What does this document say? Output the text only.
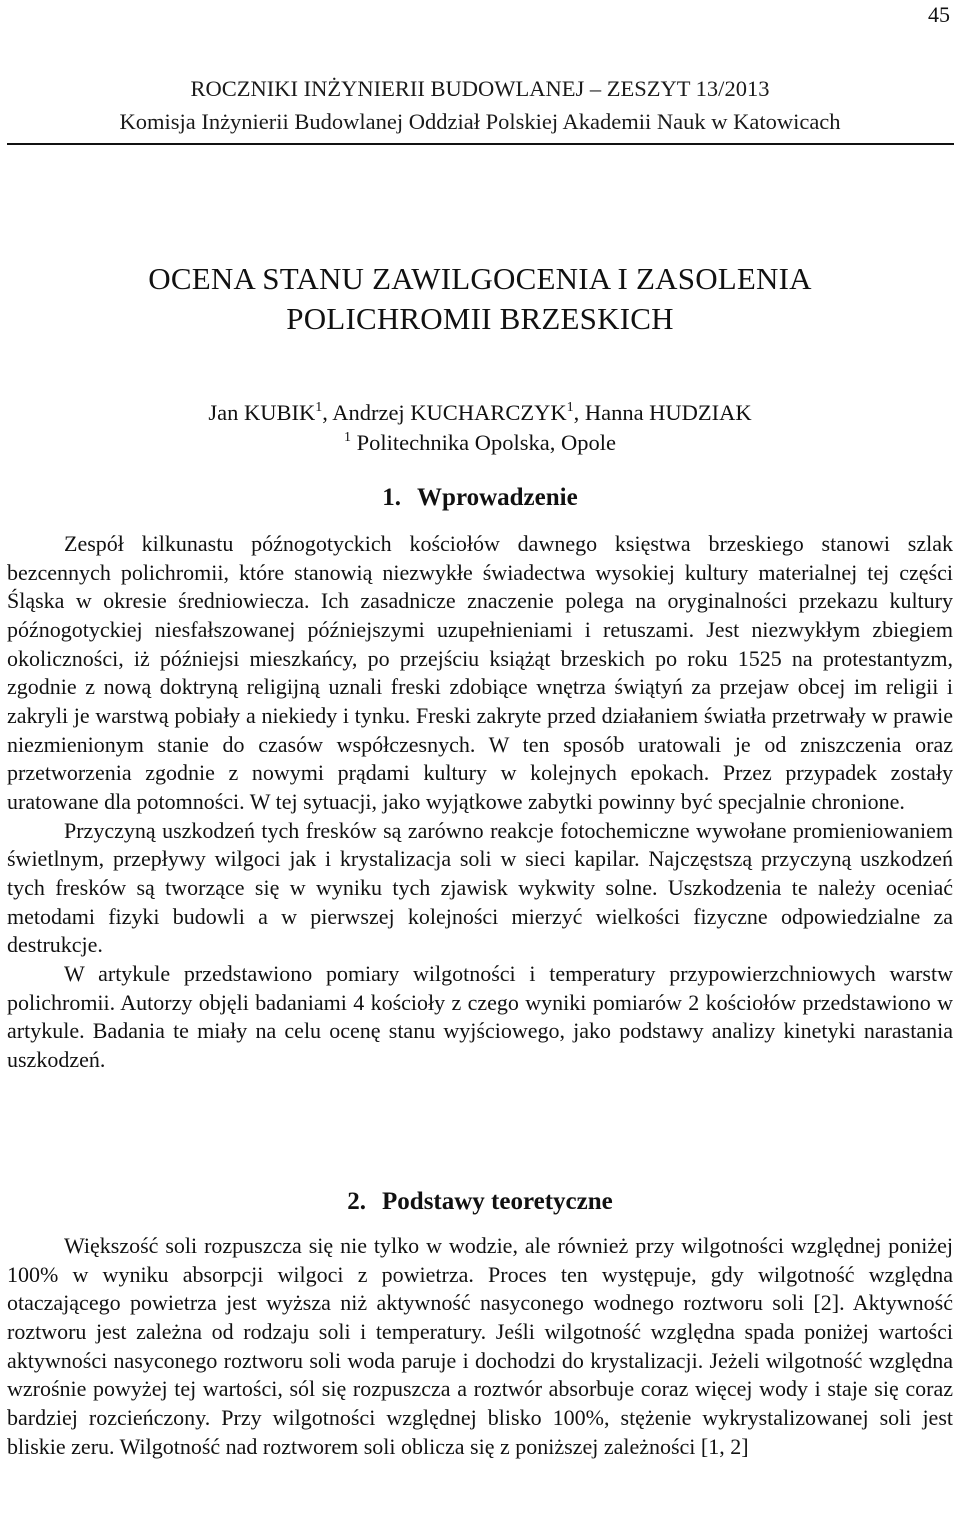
45
ROCZNIKI INŻYNIERII BUDOWLANEJ – ZESZYT 13/2013
Komisja Inżynierii Budowlanej Oddział Polskiej Akademii Nauk w Katowicach
OCENA STANU ZAWILGOCENIA I ZASOLENIA
POLICHROMII BRZESKICH
Jan KUBIK$^1$, Andrzej KUCHARCZYK$^1$, Hanna HUDZIAK
$^1$ Politechnika Opolska, Opole
1. Wprowadzenie

Zespół kilkunastu późnogotyckich kościołów dawnego księstwa brzeskiego stanowi szlak bezcennych polichromii, które stanowią niezwykłe świadectwa wysokiej kultury materialnej tej części Śląska w okresie średniowiecza. Ich zasadnicze znaczenie polega na oryginalności przekazu kultury późnogotyckiej niesfałszowanej późniejszymi uzupełnieniami i retuszami. Jest niezwykłym zbiegiem okoliczności, iż późniejsi mieszkańcy, po przejściu książąt brzeskich po roku 1525 na protestantyzm, zgodnie z nową doktryną religijną uznali freski zdobiące wnętrza świątyń za przejaw obcej im religii i zakryli je warstwą pobiały a niekiedy i tynku. Freski zakryte przed działaniem światła przetrwały w prawie niezmienionym stanie do czasów współczesnych. W ten sposób uratowali je od zniszczenia oraz przetworzenia zgodnie z nowymi prądami kultury w kolejnych epokach. Przez przypadek zostały uratowane dla potomności. W tej sytuacji, jako wyjątkowe zabytki powinny być specjalnie chronione.

Przyczyną uszkodzeń tych fresków są zarówno reakcje fotochemiczne wywołane promieniowaniem świetlnym, przepływy wilgoci jak i krystalizacja soli w sieci kapilar. Najczęstszą przyczyną uszkodzeń tych fresków są tworzące się w wyniku tych zjawisk wykwity solne. Uszkodzenia te należy oceniać metodami fizyki budowli a w pierwszej kolejności mierzyć wielkości fizyczne odpowiedzialne za destrukcje.

W artykule przedstawiono pomiary wilgotności i temperatury przypowierzchniowych warstw polichromii. Autorzy objęli badaniami 4 kościoły z czego wyniki pomiarów 2 kościołów przedstawiono w artykule. Badania te miały na celu ocenę stanu wyjściowego, jako podstawy analizy kinetyki narastania uszkodzeń.

2. Podstawy teoretyczne

Większość soli rozpuszcza się nie tylko w wodzie, ale również przy wilgotności względnej poniżej 100% w wyniku absorpcji wilgoci z powietrza. Proces ten występuje, gdy wilgotność względna otaczającego powietrza jest wyższa niż aktywność nasyconego wodnego roztworu soli [2]. Aktywność roztworu jest zależna od rodzaju soli i temperatury. Jeśli wilgotność względna spada poniżej wartości aktywności nasyconego roztworu soli woda paruje i dochodzi do krystalizacji. Jeżeli wilgotność względna wzrośnie powyżej tej wartości, sól się rozpuszcza a roztwór absorbuje coraz więcej wody i staje się coraz bardziej rozcieńczony. Przy wilgotności względnej blisko 100%, stężenie wykrystalizowanej soli jest bliskie zeru. Wilgotność nad roztworem soli oblicza się z poniższej zależności [1, 2]
